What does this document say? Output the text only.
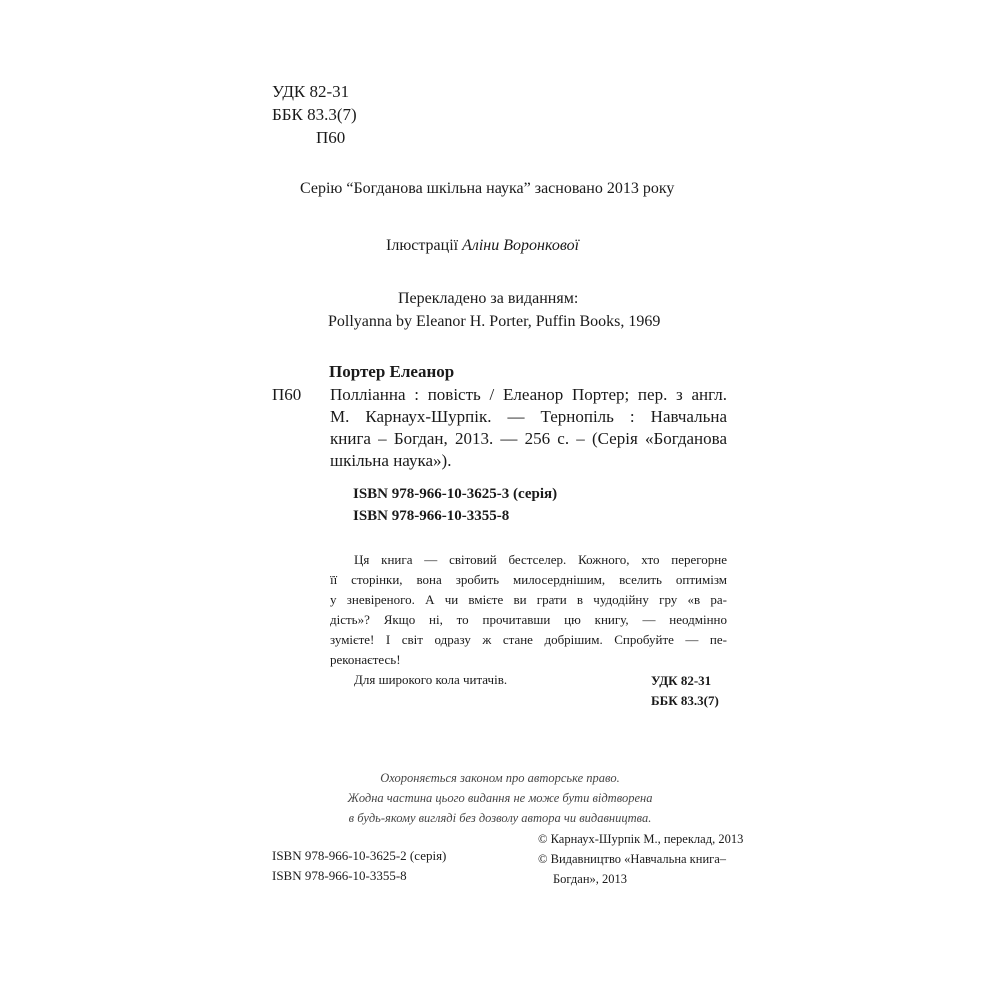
УДК 82-31
ББК 83.3(7)
П60
Серію “Богданова шкільна наука” засновано 2013 року
Ілюстрації Аліни Воронкової
Перекладено за виданням:
Pollyanna by Eleanor H. Porter, Puffin Books, 1969
Портер Елеанор
П60 Поллiанна : повiсть / Елеанор Портер; пер. з англ.
М. Карнаух-Шурпiк. — Тернопiль : Навчальна
книга – Богдан, 2013. — 256 с. – (Серiя «Богданова
шкiльна наука»).
ISBN 978-966-10-3625-3 (серія)
ISBN 978-966-10-3355-8
Ця книга — світовий бестселер. Кожного, хто перегорне
її сторінки, вона зробить милосерднішим, вселить оптимізм
у зневіреного. А чи вмієте ви грати в чудодійну гру «в ра-
дість»? Якщо ні, то прочитавши цю книгу, — неодмінно
зумієте! І світ одразу ж стане добрішим. Спробуйте — пе-
реконаєтесь!
Для широкого кола читачів.	УДК 82-31
ББК 83.3(7)
Охороняється законом про авторське право.
Жодна частина цього видання не може бути відтворена
в будь-якому вигляді без дозволу автора чи видавництва.
ISBN 978-966-10-3625-2 (серія)
ISBN 978-966-10-3355-8
© Карнаух-Шурпік М., переклад, 2013
© Видавництво «Навчальна книга–
Богдан», 2013
